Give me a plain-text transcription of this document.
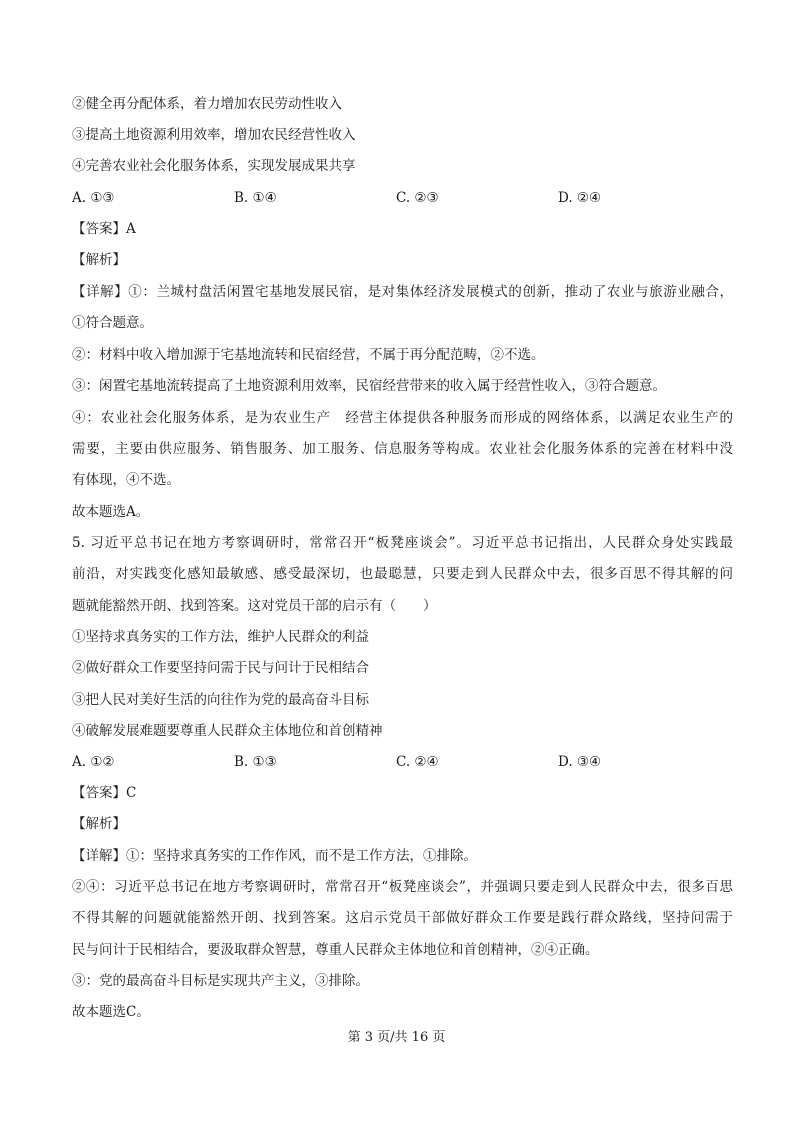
②健全再分配体系，着力增加农民劳动性收入
③提高土地资源利用效率，增加农民经营性收入
④完善农业社会化服务体系，实现发展成果共享
A. ①③	B. ①④	C. ②③	D. ②④
【答案】A
【解析】
【详解】①：兰城村盘活闲置宅基地发展民宿，是对集体经济发展模式的创新，推动了农业与旅游业融合，
①符合题意。
②：材料中收入增加源于宅基地流转和民宿经营，不属于再分配范畴，②不选。
③：闲置宅基地流转提高了土地资源利用效率，民宿经营带来的收入属于经营性收入，③符合题意。
④：农业社会化服务体系，是为农业生产　经营主体提供各种服务而形成的网络体系，以满足农业生产的
需要，主要由供应服务、销售服务、加工服务、信息服务等构成。农业社会化服务体系的完善在材料中没
有体现，④不选。
故本题选A。
5. 习近平总书记在地方考察调研时，常常召开“板凳座谈会”。习近平总书记指出，人民群众身处实践最
前沿，对实践变化感知最敏感、感受最深切，也最聪慧，只要走到人民群众中去，很多百思不得其解的问
题就能豁然开朗、找到答案。这对党员干部的启示有（　　）
①坚持求真务实的工作方法，维护人民群众的利益
②做好群众工作要坚持问需于民与问计于民相结合
③把人民对美好生活的向往作为党的最高奋斗目标
④破解发展难题要尊重人民群众主体地位和首创精神
A. ①②	B. ①③	C. ②④	D. ③④
【答案】C
【解析】
【详解】①：坚持求真务实的工作作风，而不是工作方法，①排除。
②④：习近平总书记在地方考察调研时，常常召开“板凳座谈会”，并强调只要走到人民群众中去，很多百思
不得其解的问题就能豁然开朗、找到答案。这启示党员干部做好群众工作要是践行群众路线，坚持问需于
民与问计于民相结合，要汲取群众智慧，尊重人民群众主体地位和首创精神，②④正确。
③：党的最高奋斗目标是实现共产主义，③排除。
故本题选C。
第 3 页/共 16 页
